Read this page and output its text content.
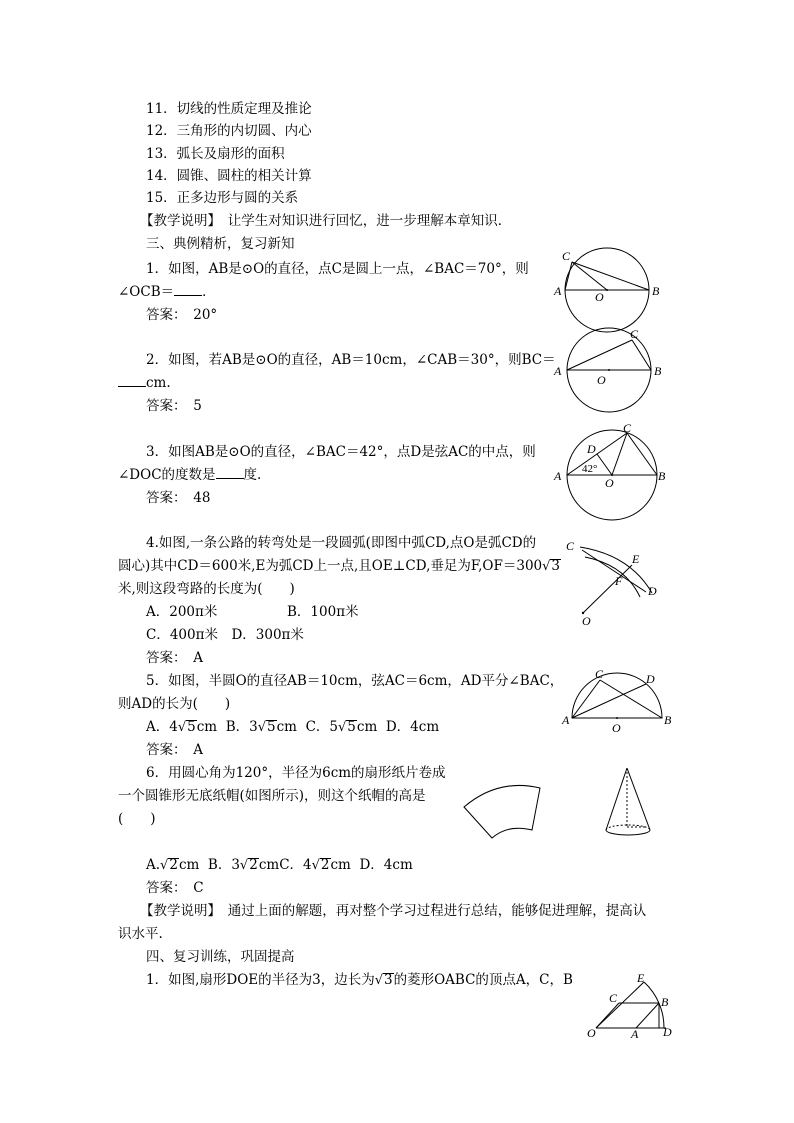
11．切线的性质定理及推论
12．三角形的内切圆、内心
13．弧长及扇形的面积
14．圆锥、圆柱的相关计算
15．正多边形与圆的关系
【教学说明】　让学生对知识进行回忆，进一步理解本章知识．
三、典例精析，复习新知
1．如图，AB是⊙O的直径，点C是圆上一点，∠BAC＝70°，则
∠OCB＝ ．
答案：　20°
2．如图，若AB是⊙O的直径，AB＝10cm，∠CAB＝30°，则BC＝
cm.
答案：　5
3．如图AB是⊙O的直径，∠BAC＝42°，点D是弦AC的中点，则
∠DOC的度数是 度.
答案：　48
4.如图,一条公路的转弯处是一段圆弧(即图中弧CD,点O是弧CD的
圆心)其中CD＝600米,E为弧CD上一点,且OE⊥CD,垂足为F,OF＝300√3
米,则这段弯路的长度为(　　)
A．200π米	B．100π米
C．400π米　D．300π米
答案：　A
5．如图，半圆O的直径AB＝10cm，弦AC＝6cm，AD平分∠BAC，
则AD的长为(　　)
A．4√5cm B．3√5cm C．5√5cm D．4cm
答案：　A
6．用圆心角为120°，半径为6cm的扇形纸片卷成
一个圆锥形无底纸帽(如图所示)，则这个纸帽的高是
(　　)
A.√2cm B．3√2cmC．4√2cm D．4cm
答案：　C
【教学说明】　通过上面的解题，再对整个学习过程进行总结，能够促进理解，提高认
识水平.
四、复习训练，巩固提高
1．如图,扇形DOE的半径为3，边长为√3的菱形OABC的顶点A，C，B
A	B
C
O
A	B
C
O
A	B
C
D
O
42°
C
D
E
F
O
A	B
C	D
O
O	A
B
C
D
E
